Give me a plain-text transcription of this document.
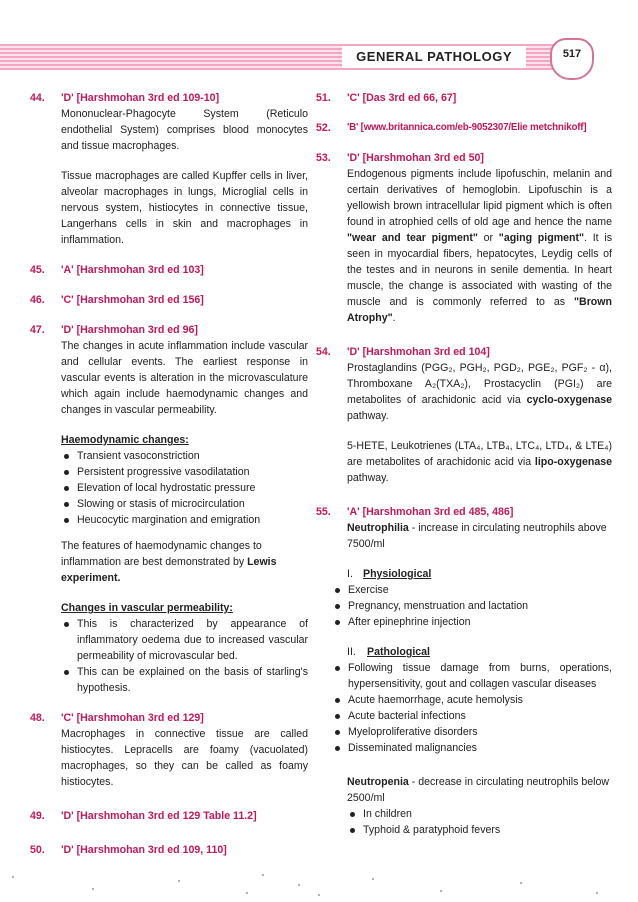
GENERAL PATHOLOGY	517
44.	'D' [Harshmohan 3rd ed 109-10]

Mononuclear-Phagocyte System (Reticulo endothelial System) comprises blood monocytes and tissue macrophages.

Tissue macrophages are called Kupffer cells in liver, alveolar macrophages in lungs, Microglial cells in nervous system, histiocytes in connective tissue, Langerhans cells in skin and macrophages in inflammation.

45.	'A' [Harshmohan 3rd ed 103]
46.	'C' [Harshmohan 3rd ed 156]
47.	'D' [Harshmohan 3rd ed 96]

The changes in acute inflammation include vascular and cellular events. The earliest response in vascular events is alteration in the microvasculature which again include haemodynamic changes and changes in vascular permeability.

Haemodynamic changes:

Transient vasoconstriction
Persistent progressive vasodilatation
Elevation of local hydrostatic pressure
Slowing or stasis of microcirculation
Heucocytic margination and emigration

The features of haemodynamic changes to inflammation are best demonstrated by Lewis experiment.

Changes in vascular permeability:

This is characterized by appearance of inflammatory oedema due to increased vascular permeability of microvascular bed.
This can be explained on the basis of starling's hypothesis.
48.	'C' [Harshmohan 3rd ed 129]

Macrophages in connective tissue are called histiocytes. Lepracells are foamy (vacuolated) macrophages, so they can be called as foamy histiocytes.

49.	'D' [Harshmohan 3rd ed 129 Table 11.2]
50.	'D' [Harshmohan 3rd ed 109, 110]
51.	'C' [Das 3rd ed 66, 67]
52.	'B' [www.britannica.com/eb-9052307/Elie metchnikoff]
53.	'D' [Harshmohan 3rd ed 50]

Endogenous pigments include lipofuschin, melanin and certain derivatives of hemoglobin. Lipofuschin is a yellowish brown intracellular lipid pigment which is often found in atrophied cells of old age and hence the name "wear and tear pigment" or "aging pigment". It is seen in myocardial fibers, hepatocytes, Leydig cells of the testes and in neurons in senile dementia. In heart muscle, the change is associated with wasting of the muscle and is commonly referred to as "Brown Atrophy".

54.	'D' [Harshmohan 3rd ed 104]

Prostaglandins (PGG₂, PGH₂, PGD₂, PGE₂, PGF₂ - α), Thromboxane A₂(TXA₂), Prostacyclin (PGI₂) are metabolites of arachidonic acid via cyclo-oxygenase pathway.

5-HETE, Leukotrienes (LTA₄, LTB₄, LTC₄, LTD₄, & LTE₄) are metabolites of arachidonic acid via lipo-oxygenase pathway.

55.	'A' [Harshmohan 3rd ed 485, 486]

Neutrophilia - increase in circulating neutrophils above 7500/ml

I. Physiological
Exercise
Pregnancy, menstruation and lactation
After epinephrine injection
II.	Pathological
Following tissue damage from burns, operations, hypersensitivity, gout and collagen vascular diseases
Acute haemorrhage, acute hemolysis
Acute bacterial infections
Myeloproliferative disorders
Disseminated malignancies

Neutropenia - decrease in circulating neutrophils below 2500/ml

In children
Typhoid & paratyphoid fevers
